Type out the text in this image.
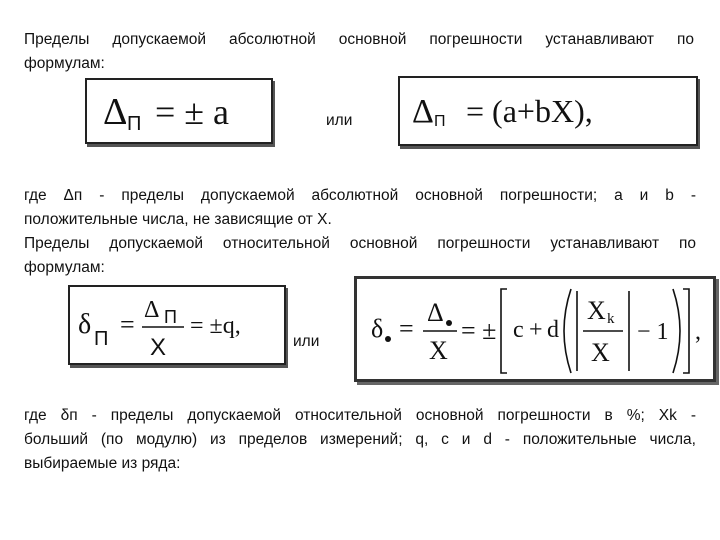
Пределы допускаемой абсолютной основной погрешности устанавливают по
формулам:
Δ П = ± a	или Δ П = (a+bX),
где Δп - пределы допускаемой абсолютной основной погрешности; а и b -
положительные числа, не зависящие от X.
Пределы допускаемой относительной основной погрешности устанавливают по
формулам:
δ П = Δ П
X
= ±q,
или δ =
Δ
X
= ± c + d
X k
X
− 1 ,
где δп - пределы допускаемой относительной основной погрешности в %; Xk -
больший (по модулю) из пределов измерений; q, c и d - положительные числа,
выбираемые из ряда:
